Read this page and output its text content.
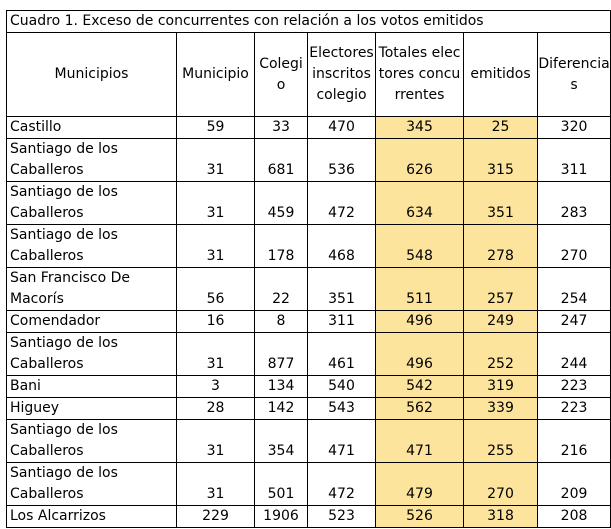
Cuadro 1. Exceso de concurrentes con relación a los votos emitidos						
Municipios	Municipio	Colegio	Electores inscritos colegio	Totales electores concurrentes	emitidos	Diferencias
Castillo	59	33	470	345	25	320
Santiago de los Caballeros	31	681	536	626	315	311
Santiago de los Caballeros	31	459	472	634	351	283
Santiago de los Caballeros	31	178	468	548	278	270
San Francisco De Macorís	56	22	351	511	257	254
Comendador	16	8	311	496	249	247
Santiago de los Caballeros	31	877	461	496	252	244
Bani	3	134	540	542	319	223
Higuey	28	142	543	562	339	223
Santiago de los Caballeros	31	354	471	471	255	216
Santiago de los Caballeros	31	501	472	479	270	209
Los Alcarrizos	229	1906	523	526	318	208
